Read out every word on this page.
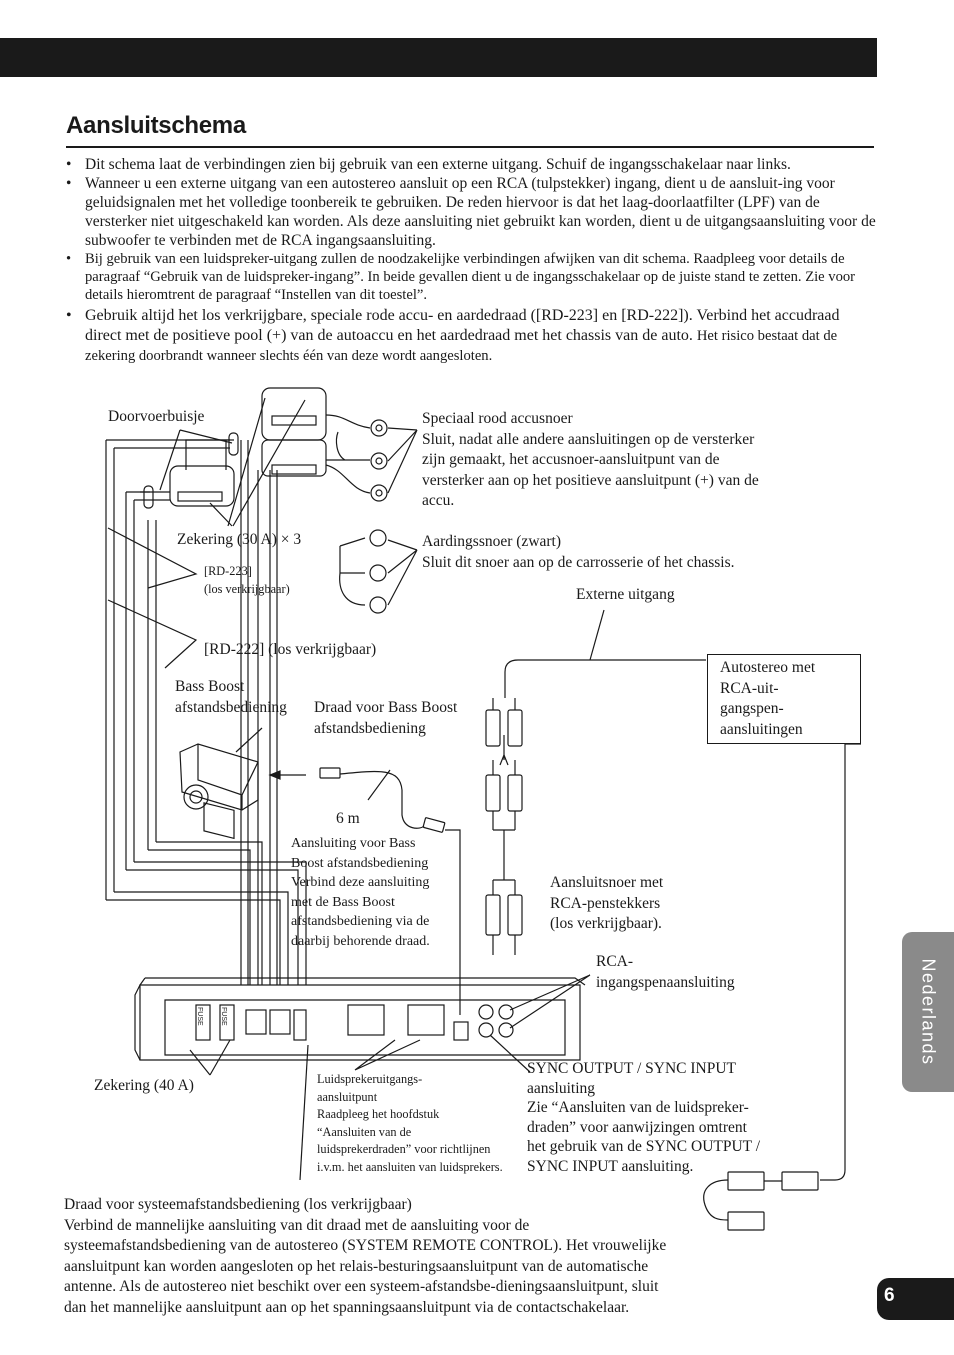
Aansluitschema
• Dit schema laat de verbindingen zien bij gebruik van een externe uitgang. Schuif de ingangsschakelaar naar links.
• Wanneer u een externe uitgang van een autostereo aansluit op een RCA (tulpstekker) ingang, dient u de aansluit-ing voor geluidsignalen met het volledige toonbereik te gebruiken. De reden hiervoor is dat het laag-doorlaatfilter (LPF) van de versterker niet uitgeschakeld kan worden. Als deze aansluiting niet gebruikt kan worden, dient u de uitgangsaansluiting voor de subwoofer te verbinden met de RCA ingangsaansluiting.
• Bij gebruik van een luidspreker-uitgang zullen de noodzakelijke verbindingen afwijken van dit schema. Raadpleeg voor details de paragraaf “Gebruik van de luidspreker-ingang”. In beide gevallen dient u de ingangsschakelaar op de juiste stand te zetten. Zie voor details hieromtrent de paragraaf “Instellen van dit toestel”.
• Gebruik altijd het los verkrijgbare, speciale rode accu- en aardedraad ([RD-223] en [RD-222]). Verbind het accudraad direct met de positieve pool (+) van de autoaccu en het aardedraad met het chassis van de auto. Het risico bestaat dat de zekering doorbrandt wanneer slechts één van deze wordt aangesloten.
Doorvoerbuisje	Speciaal rood accusnoer
Sluit, nadat alle andere aansluitingen op de versterker
zijn gemaakt, het accusnoer-aansluitpunt van de
versterker aan op het positieve aansluitpunt (+) van de
accu.
Zekering (30 A) × 3	Aardingssnoer (zwart)
Sluit dit snoer aan op de carrosserie of het chassis.
[RD-223]
(los verkrijgbaar)	Externe uitgang
[RD-222] (los verkrijgbaar)
Autostereo met
RCA-uit-
gangspen-
aansluitingen
Bass Boost
afstandsbediening Draad voor Bass Boost
afstandsbediening
6 m
Aansluiting voor Bass
Boost afstandsbediening
Verbind deze aansluiting
met de Bass Boost
afstandsbediening via de
daarbij behorende draad.
Aansluitsnoer met
RCA-penstekkers
(los verkrijgbaar).
RCA-
ingangspenaansluiting
FUSE FUSE
Zekering (40 A)	Luidsprekeruitgangs-
aansluitpunt
Raadpleeg het hoofdstuk
“Aansluiten van de
luidsprekerdraden” voor richtlijnen
i.v.m. het aansluiten van luidsprekers.
SYNC OUTPUT / SYNC INPUT
aansluiting
Zie “Aansluiten van de luidspreker-
draden” voor aanwijzingen omtrent
het gebruik van de SYNC OUTPUT /
SYNC INPUT aansluiting.
Draad voor systeemafstandsbediening (los verkrijgbaar)
Verbind de mannelijke aansluiting van dit draad met de aansluiting voor de
systeemafstandsbediening van de autostereo (SYSTEM REMOTE CONTROL). Het vrouwelijke
aansluitpunt kan worden aangesloten op het relais-besturingsaansluitpunt van de automatische
antenne. Als de autostereo niet beschikt over een systeem-afstandsbe-dieningsaansluitpunt, sluit
dan het mannelijke aansluitpunt aan op het spanningsaansluitpunt via de contactschakelaar.
Nederlands
6
